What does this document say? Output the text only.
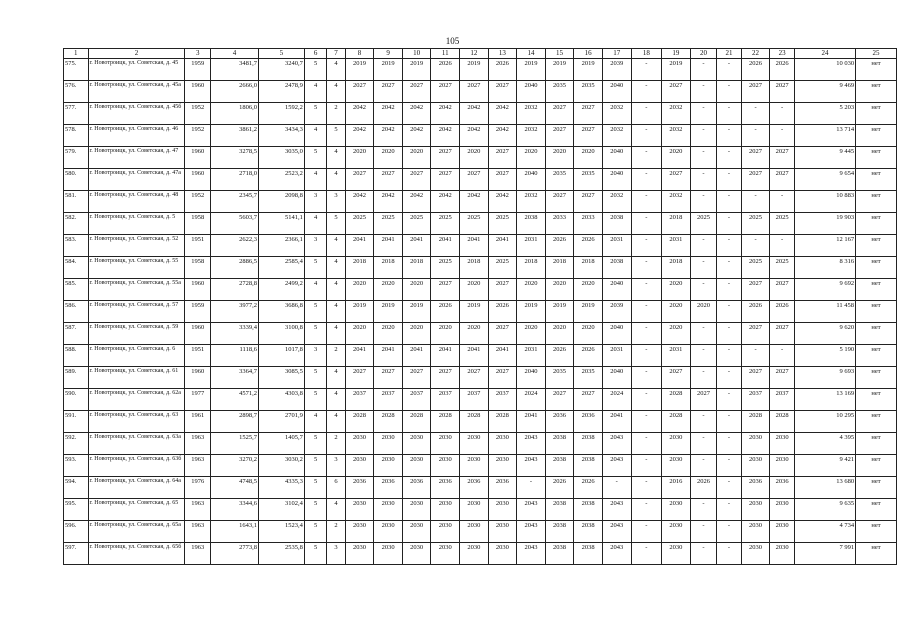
105
1	2	3	4	5	6	7	8	9	10	11	12	13	14	15	16	17	18	19	20	21	22	23	24	25
575.	г. Новотроицк, ул. Советская, д. 45	1959	3481,7	3240,7	5	4	2019	2019	2019	2026	2019	2026	2019	2019	2019	2039	-	2019	-	-	2026	2026	10 030	нет
576.	г. Новотроицк, ул. Советская, д. 45а	1960	2666,0	2478,9	4	4	2027	2027	2027	2027	2027	2027	2040	2035	2035	2040	-	2027	-	-	2027	2027	9 469	нет
577.	г. Новотроицк, ул. Советская, д. 45б	1952	1806,0	1592,2	5	2	2042	2042	2042	2042	2042	2042	2032	2027	2027	2032	-	2032	-	-	-	-	5 203	нет
578.	г. Новотроицк, ул. Советская, д. 46	1952	3861,2	3434,3	4	5	2042	2042	2042	2042	2042	2042	2032	2027	2027	2032	-	2032	-	-	-	-	13 714	нет
579.	г. Новотроицк, ул. Советская, д. 47	1960	3278,5	3035,0	5	4	2020	2020	2020	2027	2020	2027	2020	2020	2020	2040	-	2020	-	-	2027	2027	9 445	нет
580.	г. Новотроицк, ул. Советская, д. 47а	1960	2718,0	2523,2	4	4	2027	2027	2027	2027	2027	2027	2040	2035	2035	2040	-	2027	-	-	2027	2027	9 654	нет
581.	г. Новотроицк, ул. Советская, д. 48	1952	2345,7	2098,8	3	3	2042	2042	2042	2042	2042	2042	2032	2027	2027	2032	-	2032	-	-	-	-	10 883	нет
582.	г. Новотроицк, ул. Советская, д. 5	1958	5603,7	5141,1	4	5	2025	2025	2025	2025	2025	2025	2038	2033	2033	2038	-	2018	2025	-	2025	2025	19 903	нет
583.	г. Новотроицк, ул. Советская, д. 52	1951	2622,3	2366,1	3	4	2041	2041	2041	2041	2041	2041	2031	2026	2026	2031	-	2031	-	-	-	-	12 167	нет
584.	г. Новотроицк, ул. Советская, д. 55	1958	2886,5	2585,4	5	4	2018	2018	2018	2025	2018	2025	2018	2018	2018	2038	-	2018	-	-	2025	2025	8 316	нет
585.	г. Новотроицк, ул. Советская, д. 55а	1960	2728,8	2499,2	4	4	2020	2020	2020	2027	2020	2027	2020	2020	2020	2040	-	2020	-	-	2027	2027	9 692	нет
586.	г. Новотроицк, ул. Советская, д. 57	1959	3977,2	3686,8	5	4	2019	2019	2019	2026	2019	2026	2019	2019	2019	2039	-	2020	2020	-	2026	2026	11 458	нет
587.	г. Новотроицк, ул. Советская, д. 59	1960	3339,4	3100,8	5	4	2020	2020	2020	2020	2020	2027	2020	2020	2020	2040	-	2020	-	-	2027	2027	9 620	нет
588.	г. Новотроицк, ул. Советская, д. 6	1951	1118,6	1017,8	3	2	2041	2041	2041	2041	2041	2041	2031	2026	2026	2031	-	2031	-	-	-	-	5 190	нет
589.	г. Новотроицк, ул. Советская, д. 61	1960	3364,7	3085,5	5	4	2027	2027	2027	2027	2027	2027	2040	2035	2035	2040	-	2027	-	-	2027	2027	9 693	нет
590.	г. Новотроицк, ул. Советская, д. 62а	1977	4571,2	4303,8	5	4	2037	2037	2037	2037	2037	2037	2024	2027	2027	2024	-	2028	2027	-	2037	2037	13 169	нет
591.	г. Новотроицк, ул. Советская, д. 63	1961	2898,7	2701,9	4	4	2028	2028	2028	2028	2028	2028	2041	2036	2036	2041	-	2028	-	-	2028	2028	10 295	нет
592.	г. Новотроицк, ул. Советская, д. 63а	1963	1525,7	1405,7	5	2	2030	2030	2030	2030	2030	2030	2043	2038	2038	2043	-	2030	-	-	2030	2030	4 395	нет
593.	г. Новотроицк, ул. Советская, д. 63б	1963	3270,2	3030,2	5	3	2030	2030	2030	2030	2030	2030	2043	2038	2038	2043	-	2030	-	-	2030	2030	9 421	нет
594.	г. Новотроицк, ул. Советская, д. 64а	1976	4748,5	4335,3	5	6	2036	2036	2036	2036	2036	2036	-	2026	2026	-	-	2016	2026	-	2036	2036	13 680	нет
595.	г. Новотроицк, ул. Советская, д. 65	1963	3344,6	3102,4	5	4	2030	2030	2030	2030	2030	2030	2043	2038	2038	2043	-	2030	-	-	2030	2030	9 635	нет
596.	г. Новотроицк, ул. Советская, д. 65а	1963	1643,1	1523,4	5	2	2030	2030	2030	2030	2030	2030	2043	2038	2038	2043	-	2030	-	-	2030	2030	4 734	нет
597.	г. Новотроицк, ул. Советская, д. 65б	1963	2773,8	2535,8	5	3	2030	2030	2030	2030	2030	2030	2043	2038	2038	2043	-	2030	-	-	2030	2030	7 991	нет
